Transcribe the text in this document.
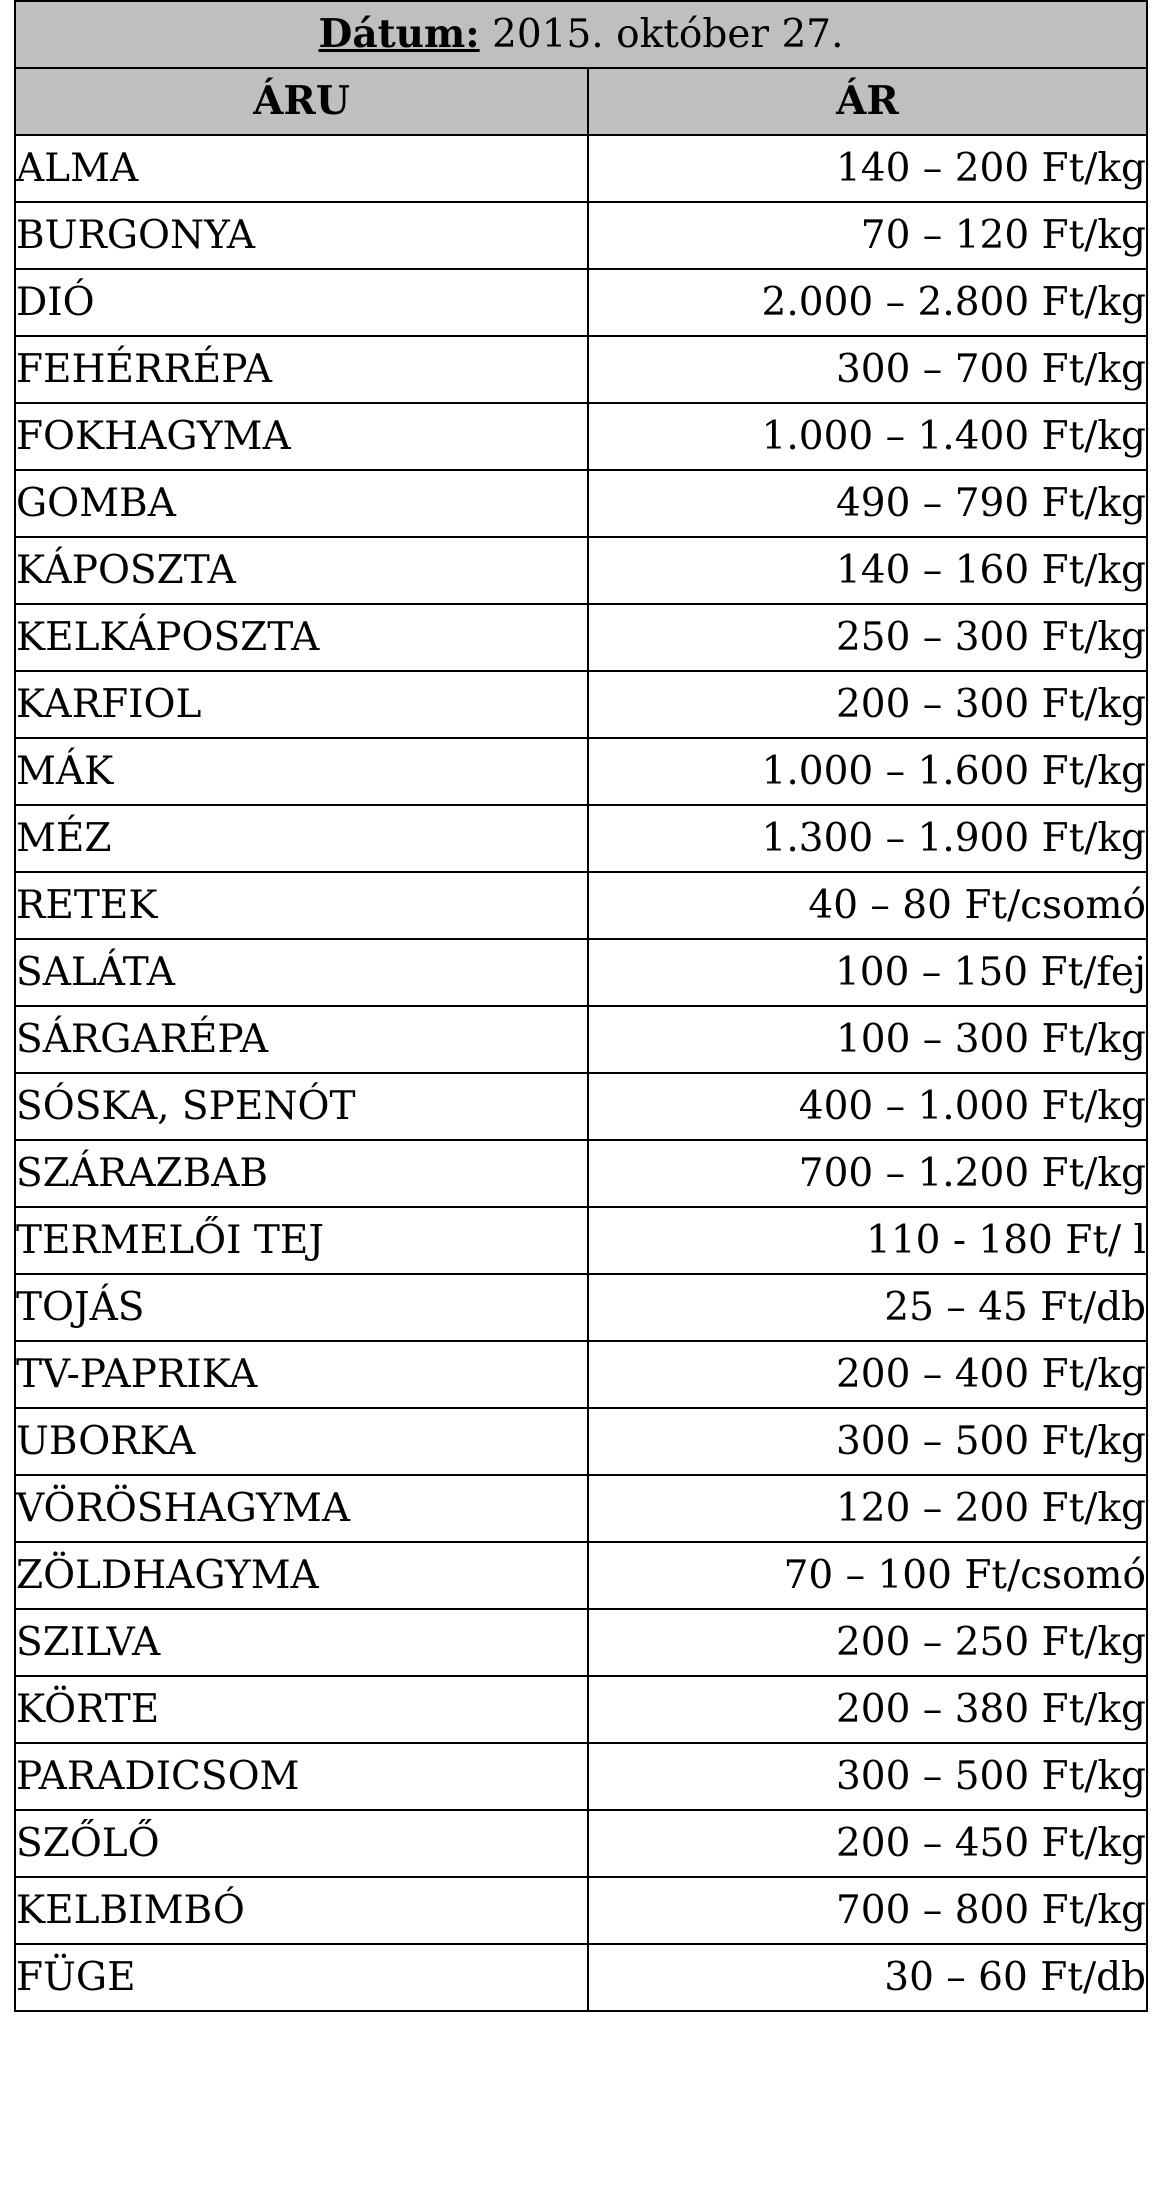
Dátum: 2015. október 27.	
ÁRU	ÁR
ALMA	140 – 200 Ft/kg
BURGONYA	70 – 120 Ft/kg
DIÓ	2.000 – 2.800 Ft/kg
FEHÉRRÉPA	300 – 700 Ft/kg
FOKHAGYMA	1.000 – 1.400 Ft/kg
GOMBA	490 – 790 Ft/kg
KÁPOSZTA	140 – 160 Ft/kg
KELKÁPOSZTA	250 – 300 Ft/kg
KARFIOL	200 – 300 Ft/kg
MÁK	1.000 – 1.600 Ft/kg
MÉZ	1.300 – 1.900 Ft/kg
RETEK	40 – 80 Ft/csomó
SALÁTA	100 – 150 Ft/fej
SÁRGARÉPA	100 – 300 Ft/kg
SÓSKA, SPENÓT	400 – 1.000 Ft/kg
SZÁRAZBAB	700 – 1.200 Ft/kg
TERMELŐI TEJ	110 - 180 Ft/ l
TOJÁS	25 – 45 Ft/db
TV-PAPRIKA	200 – 400 Ft/kg
UBORKA	300 – 500 Ft/kg
VÖRÖSHAGYMA	120 – 200 Ft/kg
ZÖLDHAGYMA	70 – 100 Ft/csomó
SZILVA	200 – 250 Ft/kg
KÖRTE	200 – 380 Ft/kg
PARADICSOM	300 – 500 Ft/kg
SZŐLŐ	200 – 450 Ft/kg
KELBIMBÓ	700 – 800 Ft/kg
FÜGE	30 – 60 Ft/db
